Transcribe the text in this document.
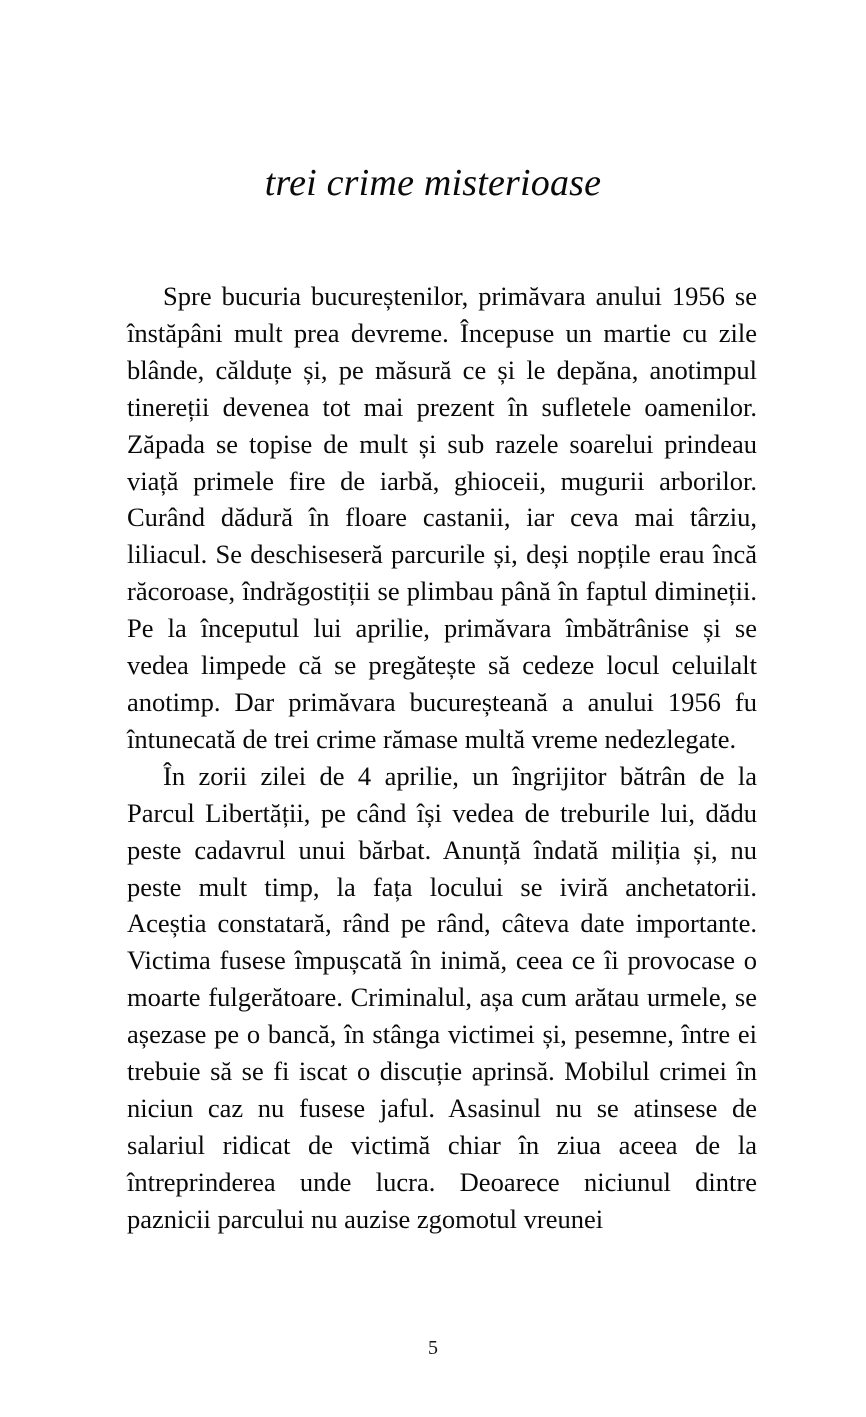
trei crime misterioase

Spre bucuria bucureștenilor, primăvara anului 1956 se înstăpâni mult prea devreme. Începuse un martie cu zile blânde, călduțe și, pe măsură ce și le depăna, anotimpul tinereții devenea tot mai prezent în sufletele oamenilor. Zăpada se topise de mult și sub razele soarelui prindeau viață primele fire de iarbă, ghioceii, mugurii arborilor. Curând dădură în floare castanii, iar ceva mai târziu, liliacul. Se deschiseseră parcurile și, deși nopțile erau încă răcoroase, îndrăgostiții se plimbau până în faptul dimineții. Pe la începutul lui aprilie, primăvara îmbătrânise și se vedea limpede că se pregătește să cedeze locul celuilalt anotimp. Dar primăvara bucureșteană a anului 1956 fu întunecată de trei crime rămase multă vreme nedezlegate.

În zorii zilei de 4 aprilie, un îngrijitor bătrân de la Parcul Libertății, pe când își vedea de treburile lui, dădu peste cadavrul unui bărbat. Anunță îndată miliția și, nu peste mult timp, la fața locului se iviră anchetatorii. Aceștia constatară, rând pe rând, câteva date importante. Victima fusese împușcată în inimă, ceea ce îi provocase o moarte fulgerătoare. Criminalul, așa cum arătau urmele, se așezase pe o bancă, în stânga victimei și, pesemne, între ei trebuie să se fi iscat o discuție aprinsă. Mobilul crimei în niciun caz nu fusese jaful. Asasinul nu se atinsese de salariul ridicat de victimă chiar în ziua aceea de la întreprinderea unde lucra. Deoarece niciunul dintre paznicii parcului nu auzise zgomotul vreunei

5
